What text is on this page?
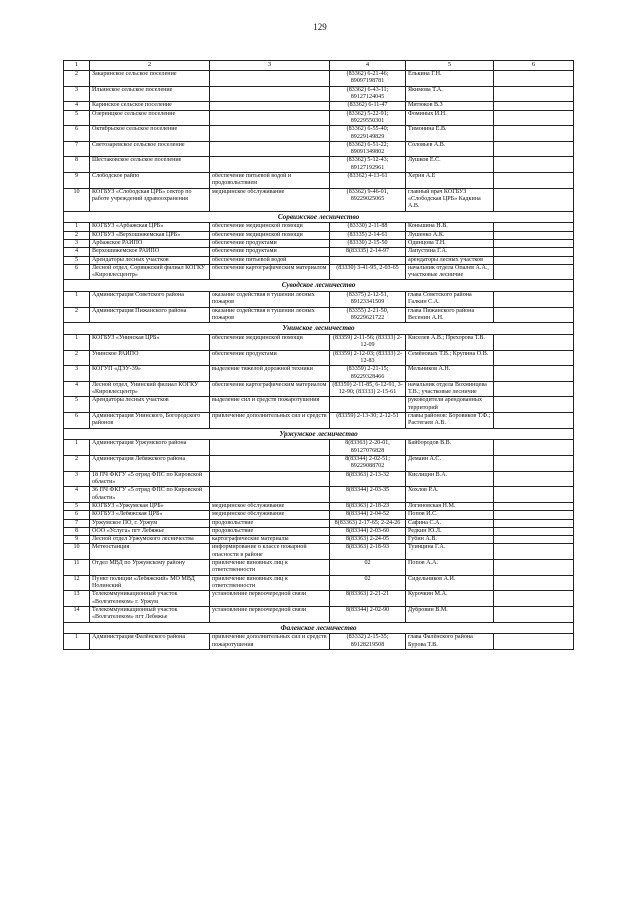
129
1	2	3	4	5	6
2	Закаринское сельское поселение		(83362) 6-21-46; 89097198781	Елькина Г.Н.	
3	Ильинское сельское поселение		(83362) 6-43-11; 89127124045	Якимова Т.А.	
4	Каринское сельское поселение		(83362) 6-11-47	Митюков В.З	
5	Озерницкое сельское поселение		(83362) 5-22-91; 89229550301	Фоминых И.Н.	
6	Октябрьское сельское поселение		(83362) 6-55-40; 89229149829	Тимонина Е.В.	
7	Светозаревское сельское поселение		(83362) 6-51-22; 89091349802	Соловьев А.В.	
8	Шестаковское сельское поселение		(83362) 5-12-43; 89127192961	Лушков Е.С.	
9	Слободское райпо	обеспечение питьевой водой и продовольствием	(83362) 4-13-61	Херня А.Е	
10	КОГБУЗ «Слободская ЦРБ» сектор по работе учреждений здравоохранения	медицинское обслуживание	(83362) 9-46-01, 89229025065	главный врач КОГБУЗ «Слободская ЦРБ» Кадкина А.В.	
Сорвижское лесничество					
1	КОГБУЗ «Арбажская ЦРБ»	обеспечение медицинской помощи	(83330) 2-11-88	Коньшина Н.В.	
2	КОГБУЗ «Верхошижемская ЦРБ»	обеспечение медицинской помощи	(83335) 2-14-61	Лушенко А.К.	
3	Арбажское РАЙПО	обеспечение продуктами	(83330) 2-15-50	Одинцова Т.Н.	
4	Верхошижемское РАЙПО	обеспечение продуктами	8(83335) 2-14-97	Лапустина Г.А.	
5	Арендаторы лесных участков	обеспечение питьевой водой		арендаторы лесных участков	
6	Лесной отдел, Сорвижский филиал КОГКУ «Кировлесцентр»	обеспечение картографическим материалом	(83330) 3-41-95, 2-03-65	начальник отдела Опалев А.А., участковые лесничие	
Суводское лесничество					
1	Администрация Советского района	оказание содействия в тушении лесных пожаров	(83375) 2-12-51, 89123341509	глава Советского района Галкин С.А.	
2	Администрация Пижанского района	оказание содействия в тушении лесных пожаров	(83355) 2-21-50, 89229621722	глава Пижанского района Весенин А.Н.	
Унинское лесничество					
1	КОГБУЗ «Унинская ЦРБ»	обеспечение медицинской помощи	(83359) 2-11-56; (83333) 2-12-09	Киселев А.В.; Прехорова Т.В.	
2	Унинское РАЙПО	обеспечение продуктами	(83359) 2-12-03; (83333) 2-12-83	Семёновых Т.В.; Крупина О.В.	
3	КОГУП «ДЭУ-39»	выделение тяжелой дорожной техники	(83359) 2-21-15; 89229328466	Мельников А.Н.	
4	Лесной отдел, Унинский филиал КОГКУ «Кировлесцентр»	обеспечение картографическим материалом	(83359) 2-11-85, 6-12-91, 3-12-90; (83333) 2-15-61	начальник отдела Вохминцева Т.В.; участковые лесничие	
5	Арендаторы лесных участков	выделение сил и средств пожаротушения		руководители арендованных территорий	
6	Администрация Унинского, Богородского районов	привлечение дополнительных сил и средств	(83359) 2-13-30; 2-12-51	главы районов: Боровиков Т.Ф.; Растегаев А.В.	
Уржумское лесничество					
1	Администрация Уржумского района		8(83363) 2-20-01, 89127076828	Байбородов В.В.	
2	Администрация Лебяжского района		8(83344) 2-02-51; 89229088702	Демаин А.С.	
3	18 ПЧ ФКГУ «5 отряд ФПС по Кировской области»		8(83363) 2-13-32	Кислицин В.А.	
4	36 ПЧ ФКГУ «5 отряд ФПС по Кировской области»		8(83344) 2-03-35	Хохлов Р.А.	
5	КОГБУЗ «Уржумская ЦРБ»	медицинское обслуживание	8(83363) 2-18-23	Логиновская Н.М.	
6	КОГБУЗ «Лебяжская ЦРБ»	медицинское обслуживание	8(83344) 2-04-52	Попов И.С.	
7	Уржумское ПО, г. Уржум	продовольствие	8(83363) 2-17-65; 2-24-26	Сафина С.А.	
8	ООО «Услуга» пгт Лебяжье	продовольствие	8(83344) 2-03-60	Редкин Ю.Л.	
9	Лесной отдел Уржумского лесничества	картографические материалы	8(83363) 2-24-05	Губин А.В.	
10	Метеостанция	информирование о классе пожарной опасности в районе	8(83363) 2-18-93	Туинцина Г.А.	
11	Отдел МВД по Уржумскому району	привлечение виновных лиц к ответственности	02	Попов А.А.	
12	Пункт полиции «Лебяжский» МО МВД Нолинский	привлечение виновных лиц к ответственности	02	Сидельников А.И.	
13	Телекоммуникационный участок «Волгателеком» г. Уржум	установление первоочередной связи	8(83363) 2-21-21	Курочкин М.А.	
14	Телекоммуникационный участок «Волгателеком» пгт Лебяжье	установление первоочередной связи	8(83344) 2-02-90	Дубровин В.М.	
Фаленское лесничество					
1	Администрация Фалёнского района	привлечение дополнительных сил и средств пожаротушения	(83332) 2-15-35; 89128219508	глава Фалёнского района Бурова Т.В.	
